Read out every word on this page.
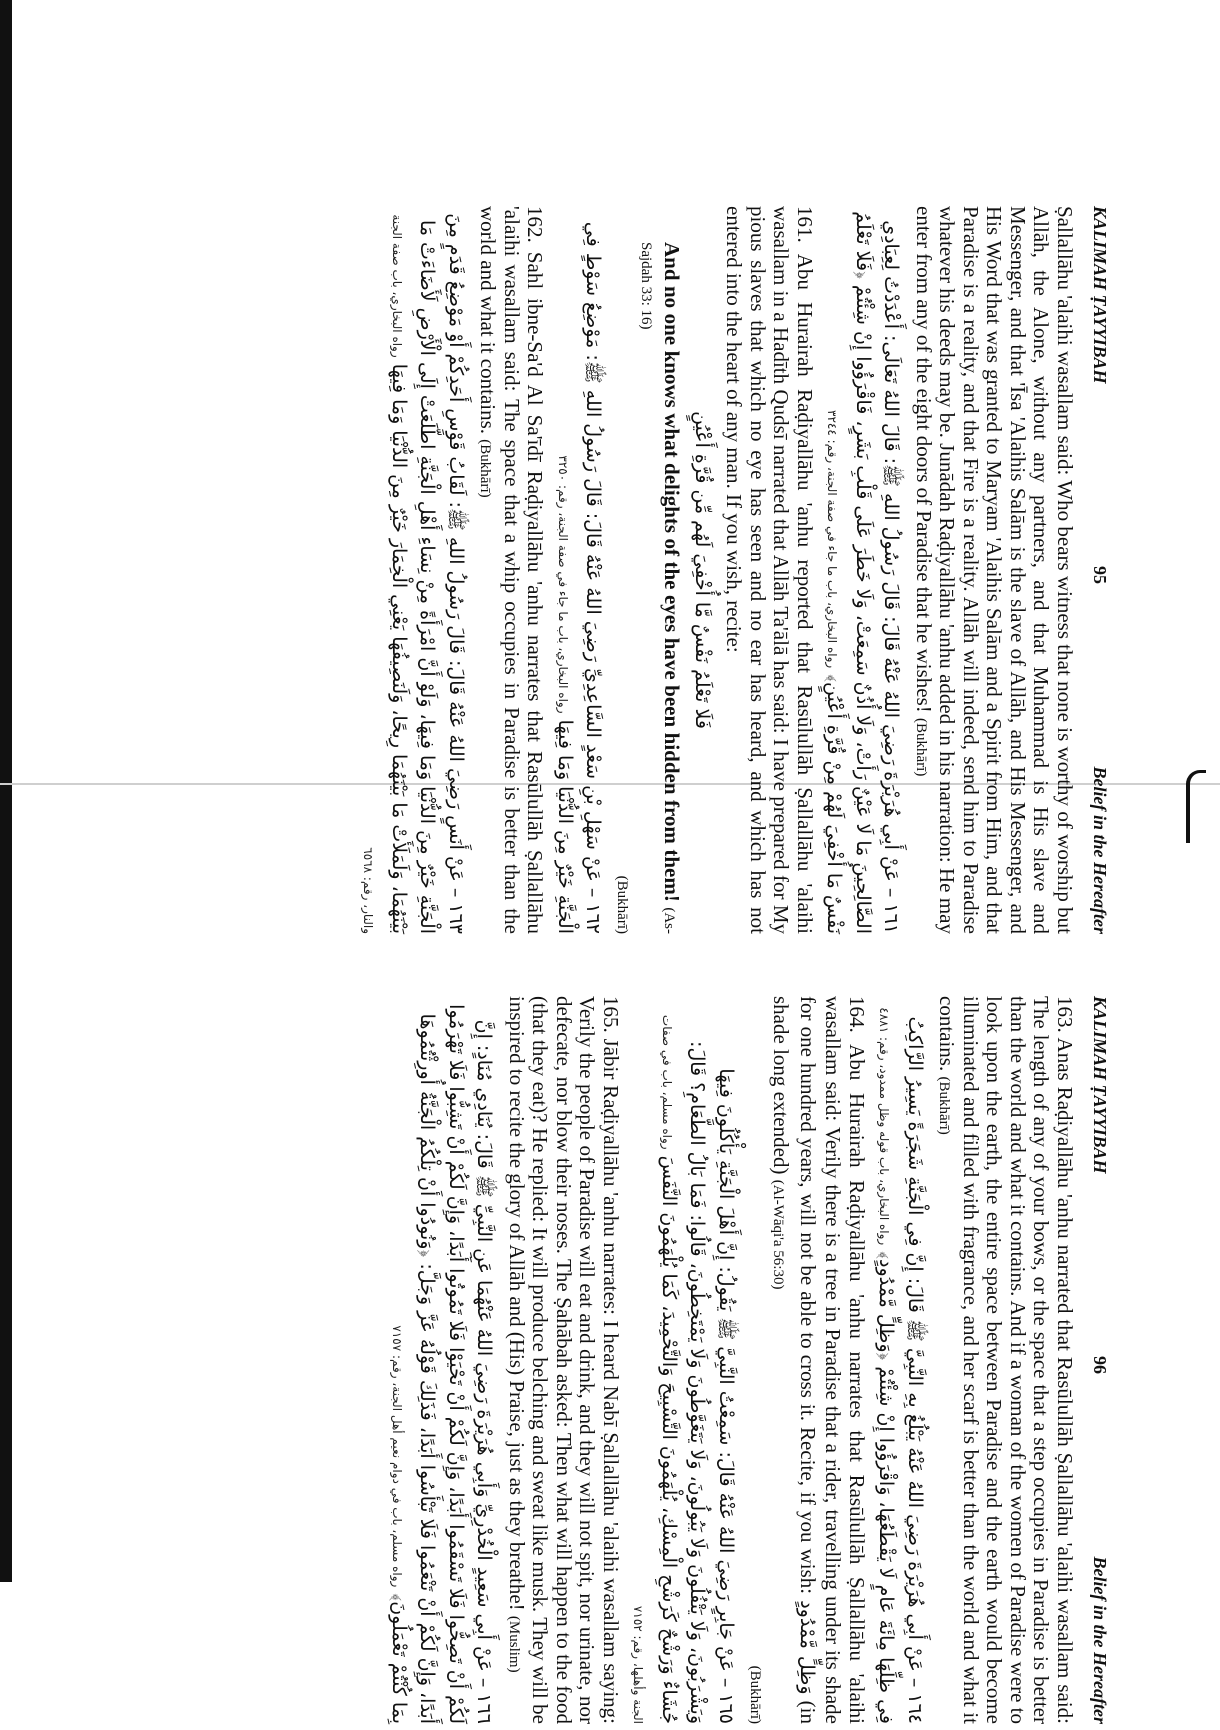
KALIMAH ṬAYYIBAH
95
Belief in the Hereafter

Ṣallallāhu 'alaihi wasallam said: Who bears witness that none is worthy of worship but Allāh, the Alone, without any partners, and that Muhammad is His slave and Messenger, and that 'Īsa 'Alaihis Salām is the slave of Allāh, and His Messenger, and His Word that was granted to Maryam 'Alaihis Salām and a Spirit from Him, and that Paradise is a reality, and that Fire is a reality. Allāh will indeed, send him to Paradise whatever his deeds may be. Junādah Raḍiyallāhu 'anhu added in his narration: He may enter from any of the eight doors of Paradise that he wishes! (Bukhārī)

١٦١ – عَنْ أَبِي هُرَيْرَةَ رَضِيَ اللهُ عَنْهُ قَالَ: قَالَ رَسُولُ اللهِ ﷺ: قَالَ اللهُ تَعَالَى: أَعْدَدْتُ لِعِبَادِي الصَّالِحِينَ مَا لَا عَيْنٌ رَأَتْ، وَلَا أُذُنٌ سَمِعَتْ، وَلَا خَطَرَ عَلَى قَلْبِ بَشَرٍ، فَاقْرَؤُوا إِنْ شِئْتُمْ ﴿فَلَا تَعْلَمُ نَفْسٌ مَا أُخْفِيَ لَهُمْ مِنْ قُرَّةِ أَعْيُنٍ﴾ رواه البخاري، باب ما جاء في صفة الجنة، رقم: ٣٢٤٤

161. Abu Hurairah Raḍiyallāhu 'anhu reported that Rasūlullāh Ṣallallāhu 'alaihi wasallam in a Hadīth Qudsī narrated that Allāh Ta'ālā has said: I have prepared for My pious slaves that which no eye has seen and no ear has heard, and which has not entered into the heart of any man. If you wish, recite:

فَلَا تَعْلَمُ نَفْسٌ مَّا أُخْفِيَ لَهُم مِّن قُرَّةِ أَعْيُنٍ

And no one knows what delights of the eyes have been hidden from them! (As-Sajdah 33: 16)

(Bukhārī)

١٦٢ – عَنْ سَهْلِ بْنِ سَعْدٍ السَّاعِدِيِّ رَضِيَ اللهُ عَنْهُ قَالَ: قَالَ رَسُولُ اللهِ ﷺ: مَوْضِعُ سَوْطٍ فِي الْجَنَّةِ خَيْرٌ مِنَ الدُّنْيَا وَمَا فِيهَا رواه البخاري، باب ما جاء في صفة الجنة، رقم: ٣٢٥٠

162. Sahl ibne-Sa'd Al Sa'īdī Raḍiyallāhu 'anhu narrates that Rasūlullāh Ṣallallāhu 'alaihi wasallam said: The space that a whip occupies in Paradise is better than the world and what it contains. (Bukhārī)

١٦٣ – عَنْ أَنَسٍ رَضِيَ اللهُ عَنْهُ قَالَ: قَالَ رَسُولُ اللهِ ﷺ: لَقَابُ قَوْسِ أَحَدِكُمْ أَوْ مَوْضِعُ قَدَمٍ مِنَ الْجَنَّةِ خَيْرٌ مِنَ الدُّنْيَا وَمَا فِيهَا، وَلَوْ أَنَّ امْرَأَةً مِنْ نِسَاءِ أَهْلِ الْجَنَّةِ اطَّلَعَتْ إِلَى الْأَرْضِ لَأَضَاءَتْ مَا بَيْنَهُمَا، وَلَمَلَأَتْ مَا بَيْنَهُمَا رِيحًا، وَلَنَصِيفُهَا يَعْنِي الْخِمَارَ خَيْرٌ مِنَ الدُّنْيَا وَمَا فِيهَا رواه البخاري، باب صفة الجنة والنار، رقم: ٦٥٦٨

KALIMAH ṬAYYIBAH
96
Belief in the Hereafter

163. Anas Raḍiyallāhu 'anhu narrated that Rasūlullāh Ṣallallāhu 'alaihi wasallam said: The length of any of your bows, or the space that a step occupies in Paradise is better than the world and what it contains. And if a woman of the women of Paradise were to look upon the earth, the entire space between Paradise and the earth would become illuminated and filled with fragrance, and her scarf is better than the world and what it contains. (Bukhārī)

١٦٤ – عَنْ أَبِي هُرَيْرَةَ رَضِيَ اللهُ عَنْهُ يَبْلُغُ بِهِ النَّبِيَّ ﷺ قَالَ: إِنَّ فِي الْجَنَّةِ شَجَرَةً يَسِيرُ الرَّاكِبُ فِي ظِلِّهَا مِائَةَ عَامٍ لَا يَقْطَعُهَا، وَاقْرَؤُوا إِنْ شِئْتُمْ ﴿وَظِلٍّ مَّمْدُودٍ﴾ رواه البخاري، باب قوله وظل ممدود، رقم: ٤٨٨١

164. Abu Hurairah Raḍiyallāhu 'anhu narrates that Rasūlullāh Ṣallallāhu 'alaihi wasallam said: Verily there is a tree in Paradise that a rider, travelling under its shade for one hundred years, will not be able to cross it. Recite, if you wish: وَظِلٍّ مَّمْدُودٍ (in shade long extended) (Al-Wāqi'a 56:30)

(Bukhārī)

١٦٥ – عَنْ جَابِرٍ رَضِيَ اللهُ عَنْهُ قَالَ: سَمِعْتُ النَّبِيَّ ﷺ يَقُولُ: إِنَّ أَهْلَ الْجَنَّةِ يَأْكُلُونَ فِيهَا وَيَشْرَبُونَ، وَلَا يَتْفُلُونَ وَلَا يَبُولُونَ، وَلَا يَتَغَوَّطُونَ وَلَا يَمْتَخِطُونَ، قَالُوا: فَمَا بَالُ الطَّعَامِ؟ قَالَ: جُشَاءٌ وَرَشْحٌ كَرَشْحِ الْمِسْكِ، يُلْهَمُونَ التَّسْبِيحَ وَالتَّحْمِيدَ، كَمَا يُلْهَمُونَ النَّفَسَ رواه مسلم، باب في صفات الجنة وأهلها، رقم: ٧١٥٢

165. Jābir Raḍiyallāhu 'anhu narrates: I heard Nabī Ṣallallāhu 'alaihi wasallam saying: Verily the people of Paradise will eat and drink, and they will not spit, nor urinate, nor defecate, nor blow their noses. The Ṣahābah asked: Then what will happen to the food (that they eat)? He replied: It will produce belching and sweat like musk. They will be inspired to recite the glory of Allāh and (His) Praise, just as they breathe! (Muslim)

١٦٦ – عَنْ أَبِي سَعِيدٍ الْخُدْرِيِّ وَأَبِي هُرَيْرَةَ رَضِيَ اللهُ عَنْهُمَا عَنِ النَّبِيِّ ﷺ قَالَ: يُنَادِي مُنَادٍ: إِنَّ لَكُمْ أَنْ تَصِحُّوا فَلَا تَسْقَمُوا أَبَدًا، وَإِنَّ لَكُمْ أَنْ تَحْيَوْا فَلَا تَمُوتُوا أَبَدًا، وَإِنَّ لَكُمْ أَنْ تَشِبُّوا فَلَا تَهْرَمُوا أَبَدًا، وَإِنَّ لَكُمْ أَنْ تَنْعَمُوا فَلَا تَبْأَسُوا أَبَدًا، فَذَلِكَ قَوْلُهُ عَزَّ وَجَلَّ: ﴿وَنُودُوا أَنْ تِلْكُمُ الْجَنَّةُ أُورِثْتُمُوهَا بِمَا كُنْتُمْ تَعْمَلُونَ﴾ رواه مسلم، باب في دوام نعيم أهل الجنة، رقم: ٧١٥٧
